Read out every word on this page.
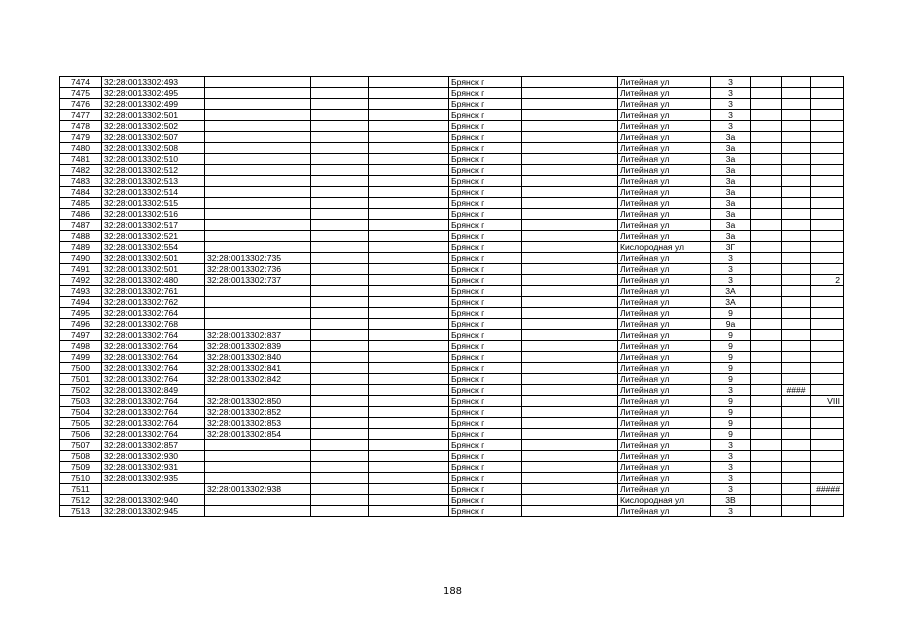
7474	32:28:0013302:493				Брянск г		Литейная ул	3			
7475	32:28:0013302:495				Брянск г		Литейная ул	3			
7476	32:28:0013302:499				Брянск г		Литейная ул	3			
7477	32:28:0013302:501				Брянск г		Литейная ул	3			
7478	32:28:0013302:502				Брянск г		Литейная ул	3			
7479	32:28:0013302:507				Брянск г		Литейная ул	3а			
7480	32:28:0013302:508				Брянск г		Литейная ул	3а			
7481	32:28:0013302:510				Брянск г		Литейная ул	3а			
7482	32:28:0013302:512				Брянск г		Литейная ул	3а			
7483	32:28:0013302:513				Брянск г		Литейная ул	3а			
7484	32:28:0013302:514				Брянск г		Литейная ул	3а			
7485	32:28:0013302:515				Брянск г		Литейная ул	3а			
7486	32:28:0013302:516				Брянск г		Литейная ул	3а			
7487	32:28:0013302:517				Брянск г		Литейная ул	3а			
7488	32:28:0013302:521				Брянск г		Литейная ул	3а			
7489	32:28:0013302:554				Брянск г		Кислородная ул	3Г			
7490	32:28:0013302:501	32:28:0013302:735			Брянск г		Литейная ул	3			
7491	32:28:0013302:501	32:28:0013302:736			Брянск г		Литейная ул	3			
7492	32:28:0013302:480	32:28:0013302:737			Брянск г		Литейная ул	3			2
7493	32:28:0013302:761				Брянск г		Литейная ул	3А			
7494	32:28:0013302:762				Брянск г		Литейная ул	3А			
7495	32:28:0013302:764				Брянск г		Литейная ул	9			
7496	32:28:0013302:768				Брянск г		Литейная ул	9а			
7497	32:28:0013302:764	32:28:0013302:837			Брянск г		Литейная ул	9			
7498	32:28:0013302:764	32:28:0013302:839			Брянск г		Литейная ул	9			
7499	32:28:0013302:764	32:28:0013302:840			Брянск г		Литейная ул	9			
7500	32:28:0013302:764	32:28:0013302:841			Брянск г		Литейная ул	9			
7501	32:28:0013302:764	32:28:0013302:842			Брянск г		Литейная ул	9			
7502	32:28:0013302:849				Брянск г		Литейная ул	3		####	
7503	32:28:0013302:764	32:28:0013302:850			Брянск г		Литейная ул	9			VIII
7504	32:28:0013302:764	32:28:0013302:852			Брянск г		Литейная ул	9			
7505	32:28:0013302:764	32:28:0013302:853			Брянск г		Литейная ул	9			
7506	32:28:0013302:764	32:28:0013302:854			Брянск г		Литейная ул	9			
7507	32:28:0013302:857				Брянск г		Литейная ул	3			
7508	32:28:0013302:930				Брянск г		Литейная ул	3			
7509	32:28:0013302:931				Брянск г		Литейная ул	3			
7510	32:28:0013302:935				Брянск г		Литейная ул	3			
7511		32:28:0013302:938			Брянск г		Литейная ул	3			#####
7512	32:28:0013302:940				Брянск г		Кислородная ул	3В			
7513	32:28:0013302:945				Брянск г		Литейная ул	3			
188
